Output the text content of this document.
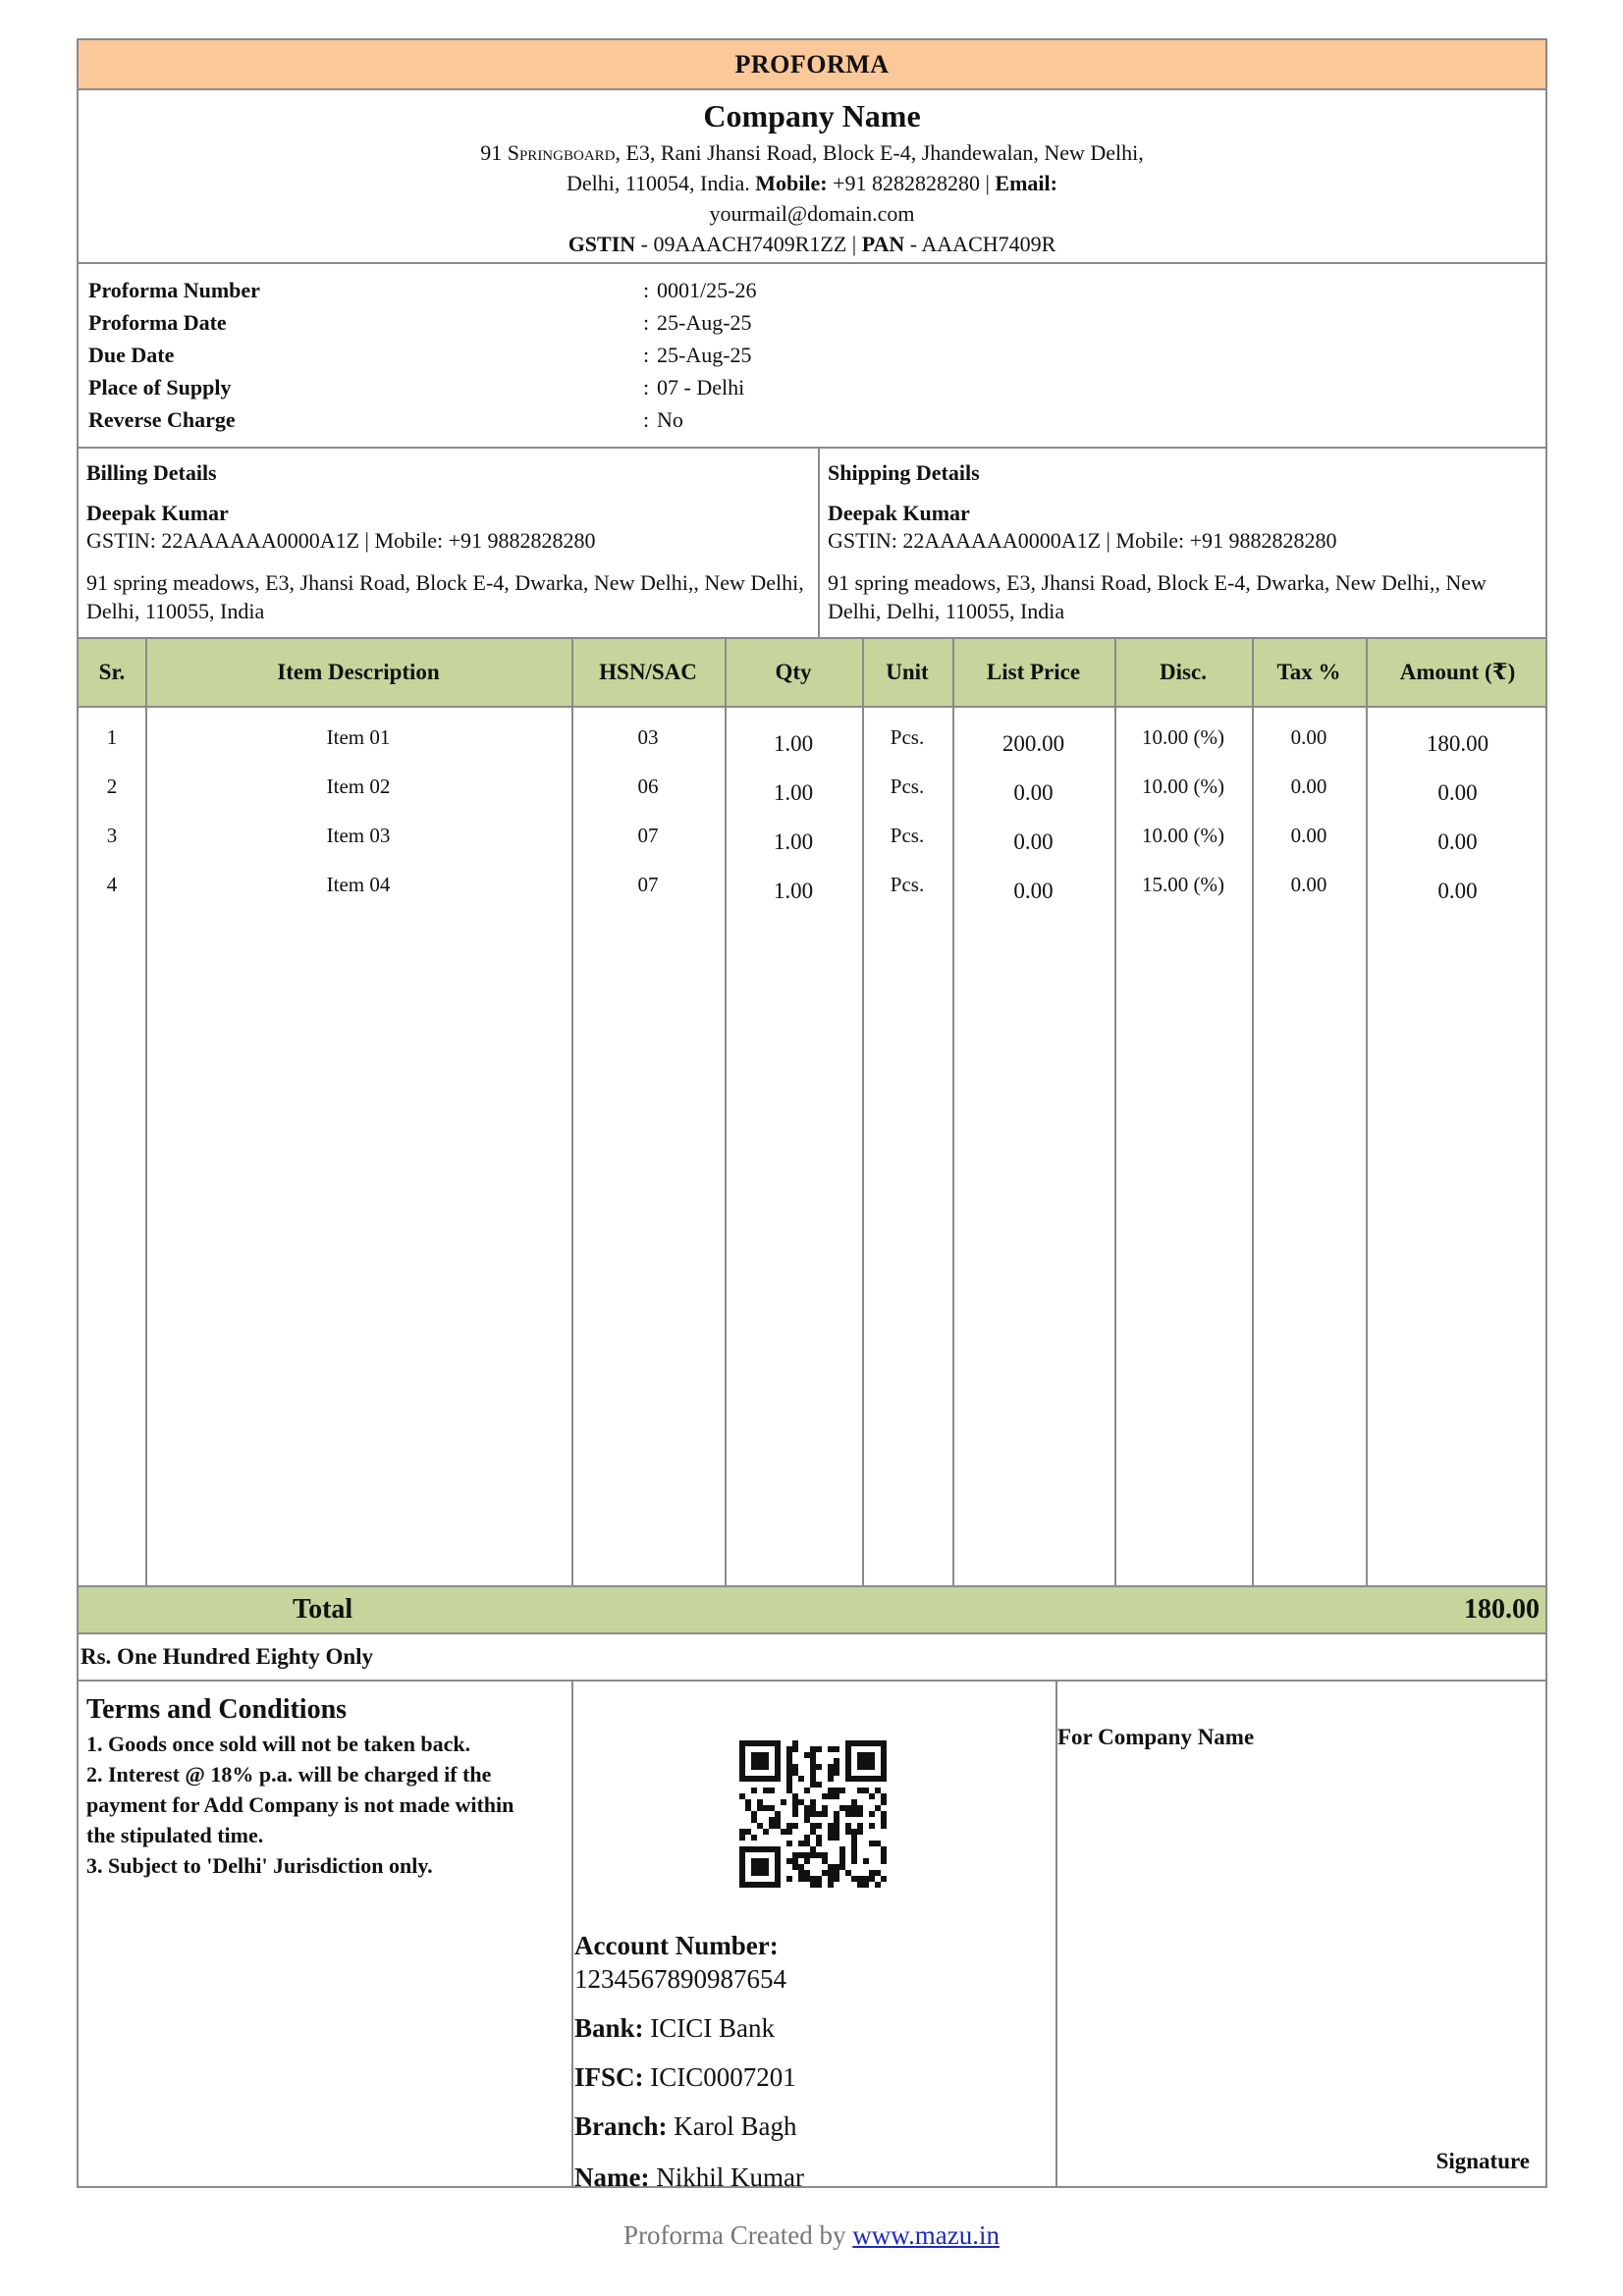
PROFORMA
Company Name
91 Springboard, E3, Rani Jhansi Road, Block E-4, Jhandewalan, New Delhi, Delhi, 110054, India. Mobile: +91 8282828280 | Email: yourmail@domain.com
GSTIN - 09AAACH7409R1ZZ | PAN - AAACH7409R
Proforma Number	:	0001/25-26
Proforma Date	:	25-Aug-25
Due Date	:	25-Aug-25
Place of Supply	:	07 - Delhi
Reverse Charge	:	No
Billing Details
Deepak Kumar
GSTIN: 22AAAAAA0000A1Z | Mobile: +91 9882828280
91 spring meadows, E3, Jhansi Road, Block E-4, Dwarka, New Delhi,, New Delhi, Delhi, 110055, India
Shipping Details
Deepak Kumar
GSTIN: 22AAAAAA0000A1Z | Mobile: +91 9882828280
91 spring meadows, E3, Jhansi Road, Block E-4, Dwarka, New Delhi,, New Delhi, Delhi, 110055, India
Sr.	Item Description	HSN/SAC	Qty	Unit	List Price	Disc.	Tax %	Amount (₹)
1	Item 01	03	1.00	Pcs.	200.00	10.00 (%)	0.00	180.00
2	Item 02	06	1.00	Pcs.	0.00	10.00 (%)	0.00	0.00
3	Item 03	07	1.00	Pcs.	0.00	10.00 (%)	0.00	0.00
4	Item 04	07	1.00	Pcs.	0.00	15.00 (%)	0.00	0.00
Total	180.00
Rs. One Hundred Eighty Only
Terms and Conditions
1. Goods once sold will not be taken back.
2. Interest @ 18% p.a. will be charged if the payment for Add Company is not made within the stipulated time.
3. Subject to 'Delhi' Jurisdiction only.
Account Number:
1234567890987654
Bank: ICICI Bank
IFSC: ICIC0007201
Branch: Karol Bagh
Name: Nikhil Kumar
For Company Name
Signature
Proforma Created by www.mazu.in
